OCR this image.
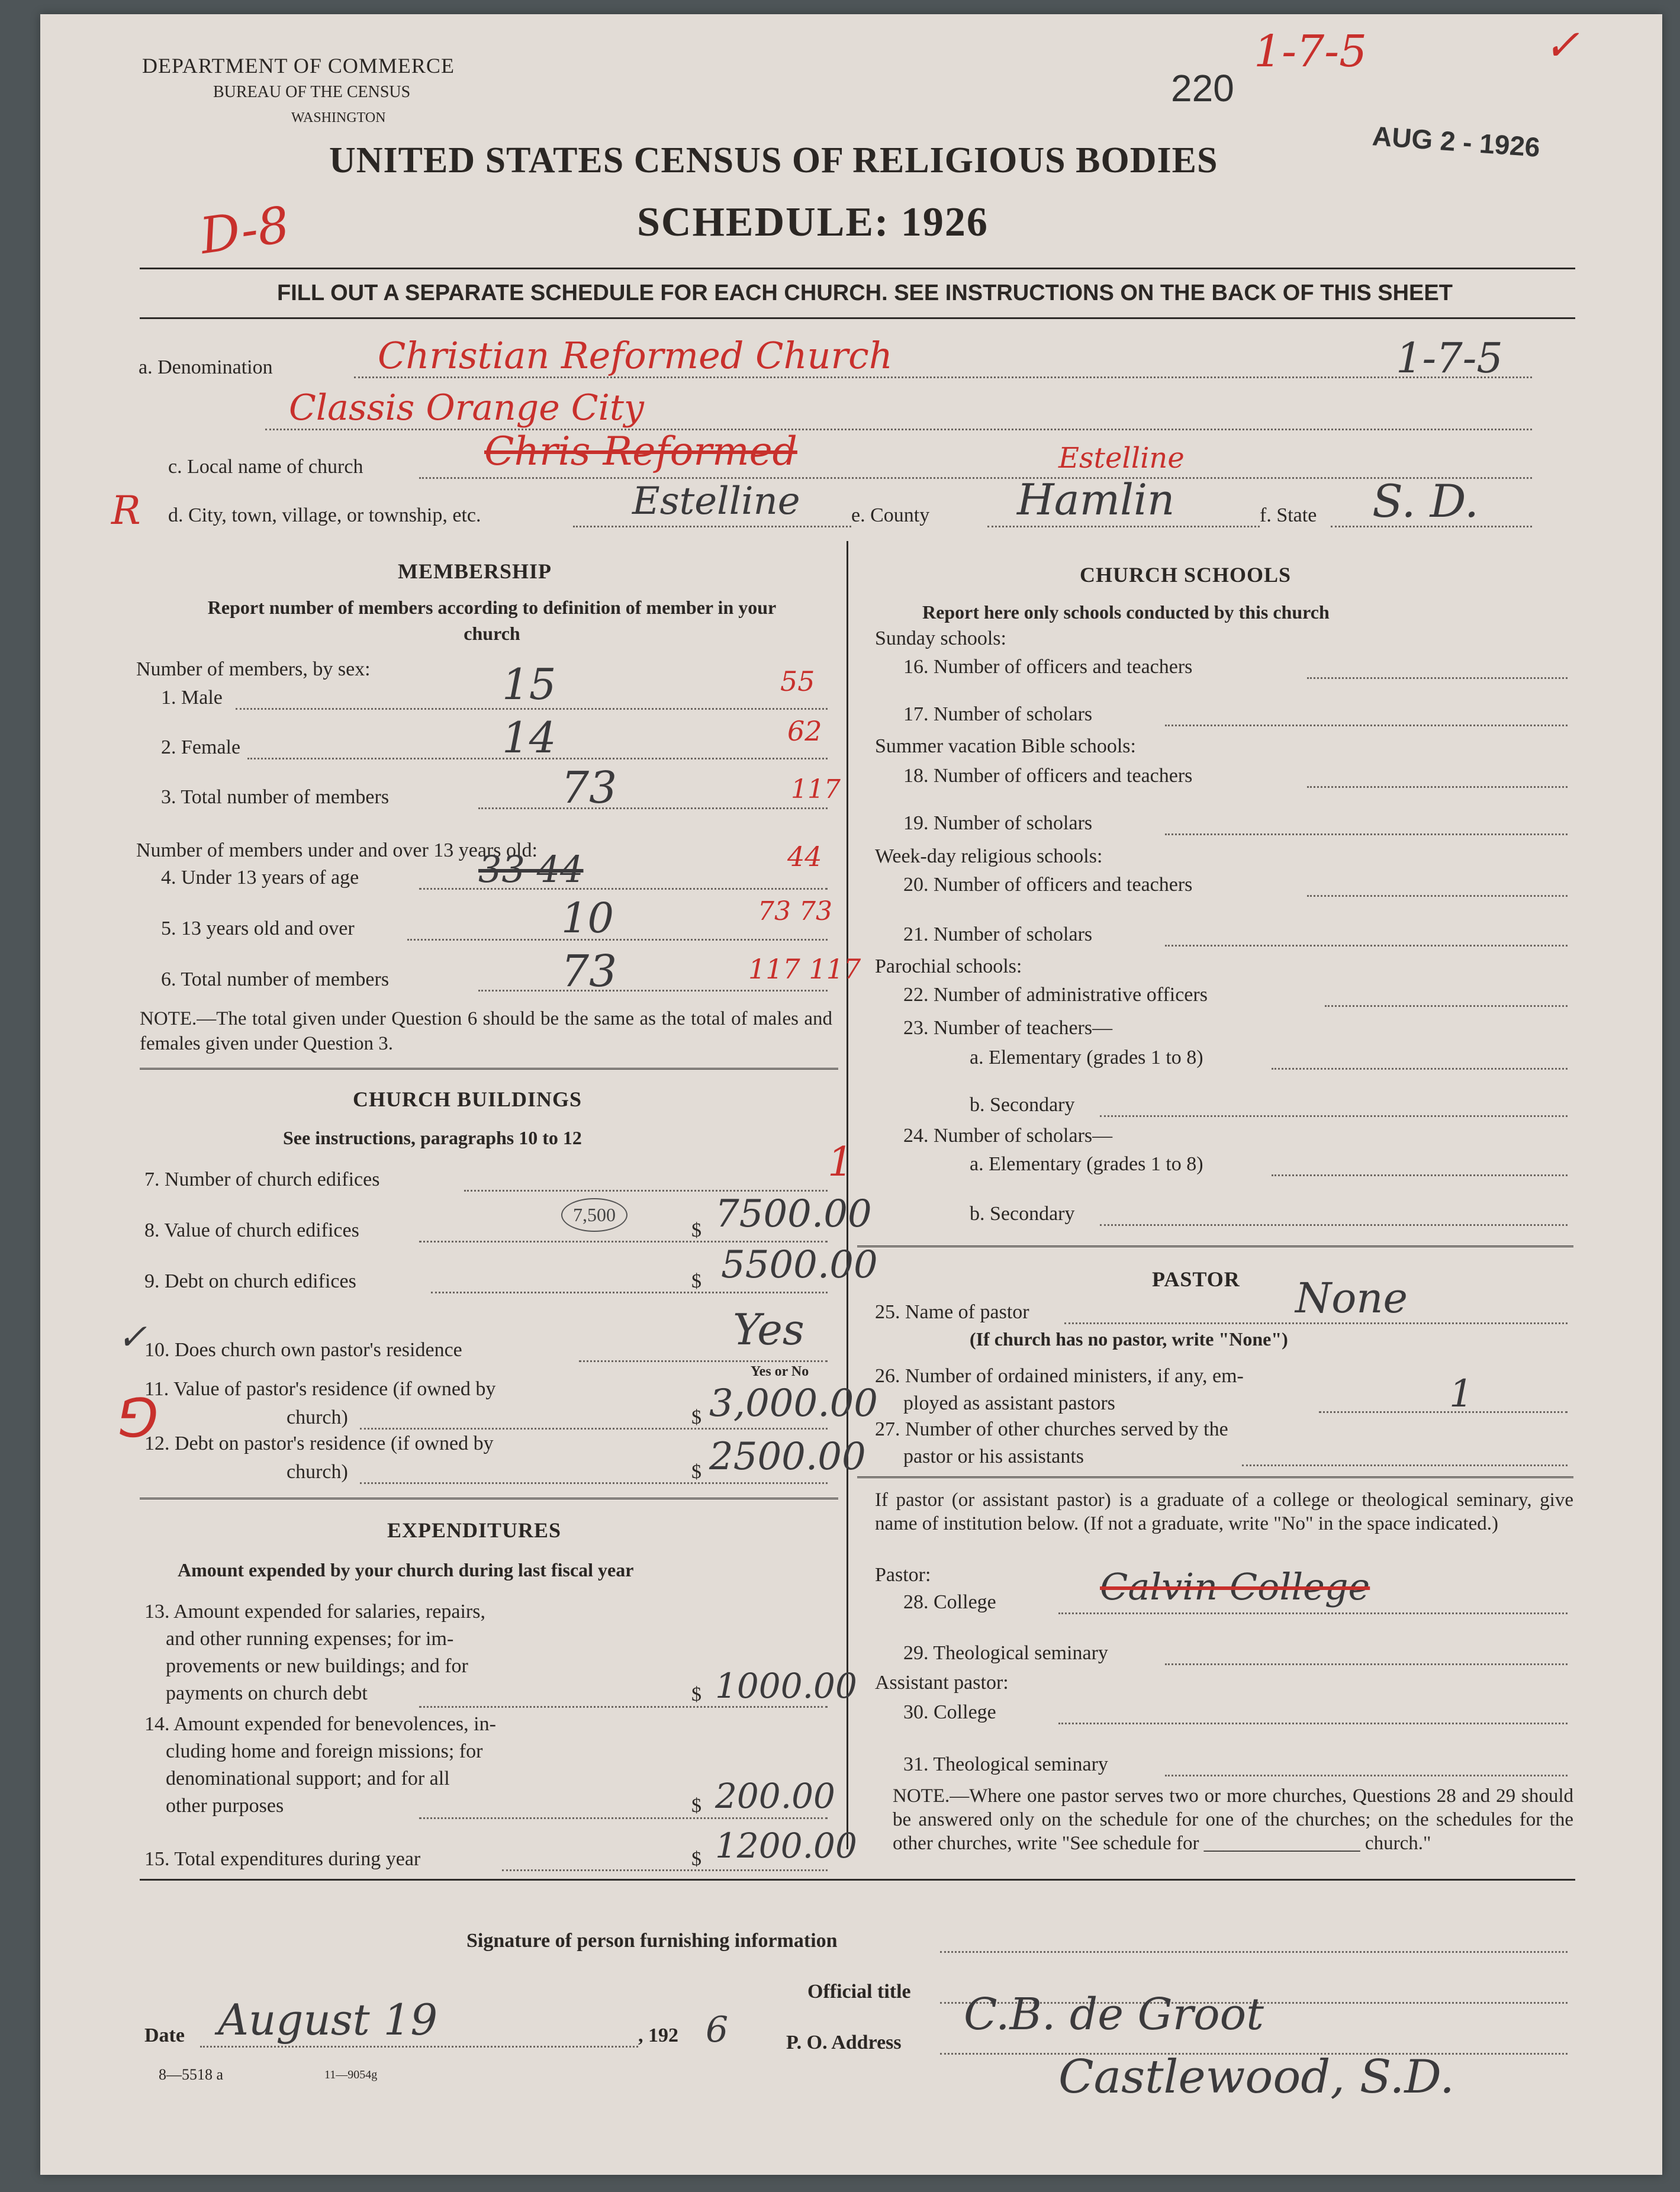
DEPARTMENT OF COMMERCE
BUREAU OF THE CENSUS
WASHINGTON
220
1-7-5	✓
AUG 2 - 1926
UNITED STATES CENSUS OF RELIGIOUS BODIES
D-8	SCHEDULE: 1926
FILL OUT A SEPARATE SCHEDULE FOR EACH CHURCH. SEE INSTRUCTIONS ON THE BACK OF THIS SHEET
a. Denomination	Christian Reformed Church	1-7-5
Classis Orange City
c. Local name of church	Chris Reformed	Estelline
R d. City, town, village, or township, etc.	Estelline	e. County Hamlin	f. State S. D.
MEMBERSHIP
Report number of members according to definition of member in your church
Number of members, by sex:
1. Male	15	55
2. Female	14	62
3. Total number of members	73	117
Number of members under and over 13 years old:
4. Under 13 years of age	33 44	44
5. 13 years old and over	10	73 73
6. Total number of members	73	117 117
NOTE.—The total given under Question 6 should be the same as the total of males and females given under Question 3.
CHURCH BUILDINGS
See instructions, paragraphs 10 to 12
7. Number of church edifices	1
8. Value of church edifices
7,500
$ 7500.00
9. Debt on church edifices	$ 5500.00
✓
10. Does church own pastor's residence	Yes
Yes or No
⅁
11. Value of pastor's residence (if owned by
church)	$ 3,000.00
12. Debt on pastor's residence (if owned by
church)	$ 2500.00
EXPENDITURES
Amount expended by your church during last fiscal year
13. Amount expended for salaries, repairs,
and other running expenses; for im-
provements or new buildings; and for
payments on church debt	$ 1000.00
14. Amount expended for benevolences, in-
cluding home and foreign missions; for
denominational support; and for all
other purposes	$ 200.00
15. Total expenditures during year	$ 1200.00
CHURCH SCHOOLS
Report here only schools conducted by this church
Sunday schools:
16. Number of officers and teachers
17. Number of scholars
Summer vacation Bible schools:
18. Number of officers and teachers
19. Number of scholars
Week-day religious schools:
20. Number of officers and teachers
21. Number of scholars
Parochial schools:
22. Number of administrative officers
23. Number of teachers—
a. Elementary (grades 1 to 8)
b. Secondary
24. Number of scholars—
a. Elementary (grades 1 to 8)
b. Secondary
PASTOR
25. Name of pastor	None
(If church has no pastor, write "None")
26. Number of ordained ministers, if any, em-
ployed as assistant pastors	1
27. Number of other churches served by the
pastor or his assistants
If pastor (or assistant pastor) is a graduate of a college or theological seminary, give name of institution below. (If not a graduate, write "No" in the space indicated.)
Pastor:
28. College	Calvin College
29. Theological seminary
Assistant pastor:
30. College
31. Theological seminary
NOTE.—Where one pastor serves two or more churches, Questions 28 and 29 should be answered only on the schedule for one of the churches; on the schedules for the other churches, write "See schedule for ________________ church."
Signature of person furnishing information
Official title
Date August 19	, 192 6	P. O. Address
C.B. de Groot
Castlewood, S.D.
8—5518 a	11—9054g
